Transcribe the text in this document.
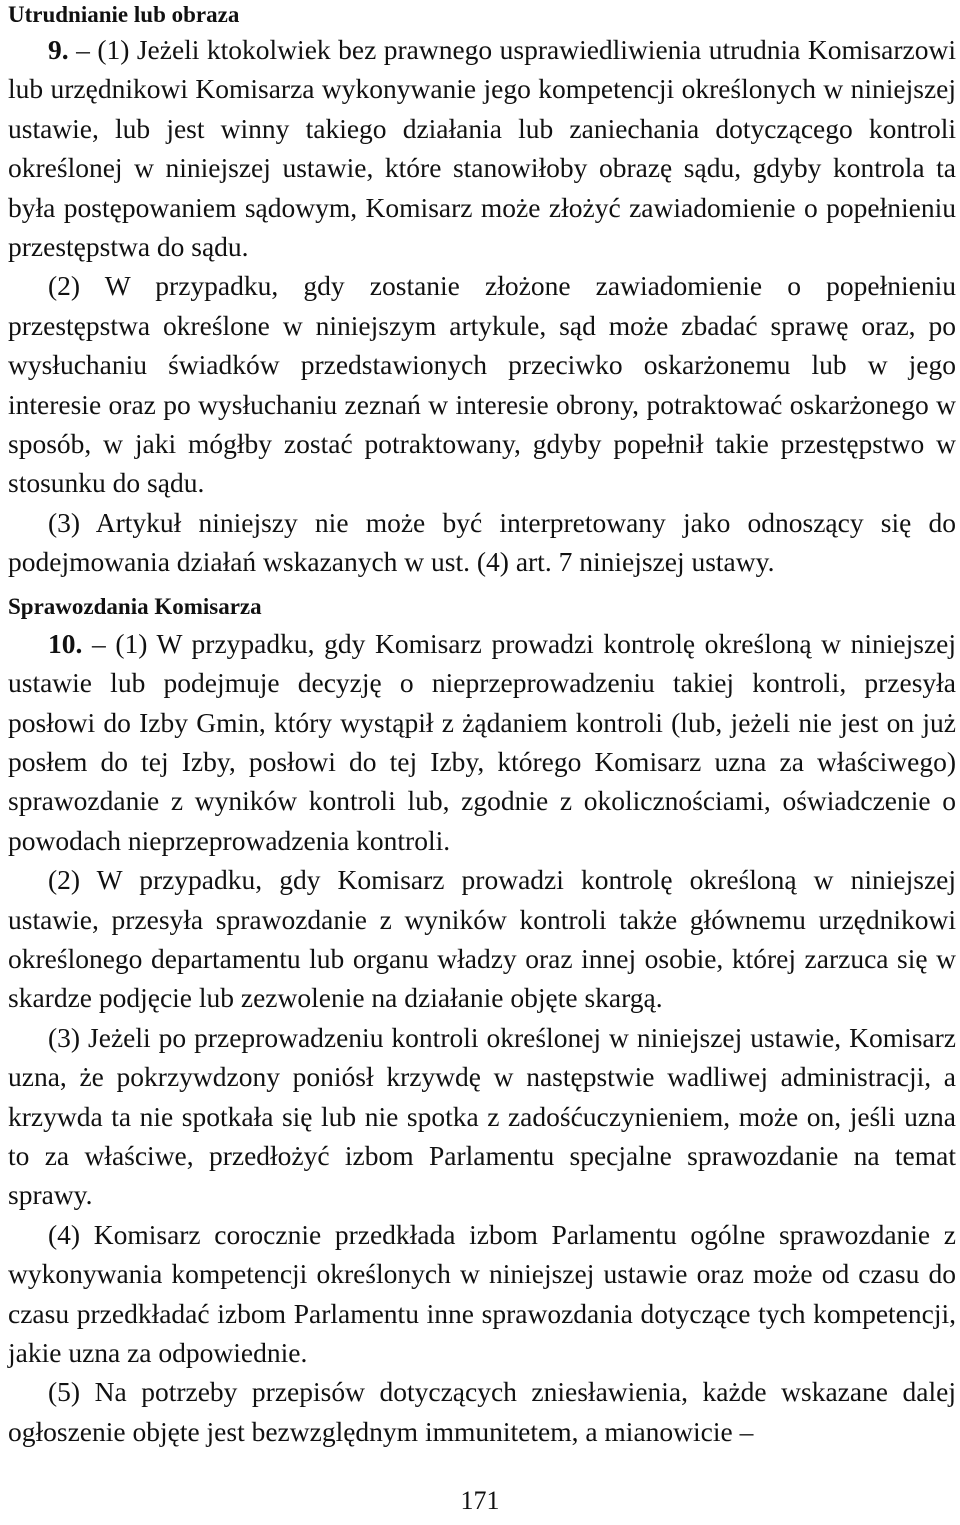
Utrudnianie lub obraza

9. – (1) Jeżeli ktokolwiek bez prawnego usprawiedliwienia utrudnia Komisarzowi lub urzędnikowi Komisarza wykonywanie jego kompetencji określonych w niniejszej ustawie, lub jest winny takiego działania lub zaniechania dotyczącego kontroli określonej w niniejszej ustawie, które stanowiłoby obrazę sądu, gdyby kontrola ta była postępowaniem sądowym, Komisarz może złożyć zawiadomienie o popełnieniu przestępstwa do sądu.

(2) W przypadku, gdy zostanie złożone zawiadomienie o popełnieniu przestępstwa określone w niniejszym artykule, sąd może zbadać sprawę oraz, po wysłuchaniu świadków przedstawionych przeciwko oskarżonemu lub w jego interesie oraz po wysłuchaniu zeznań w interesie obrony, potraktować oskarżonego w sposób, w jaki mógłby zostać potraktowany, gdyby popełnił takie przestępstwo w stosunku do sądu.

(3) Artykuł niniejszy nie może być interpretowany jako odnoszący się do podejmowania działań wskazanych w ust. (4) art. 7 niniejszej ustawy.

Sprawozdania Komisarza

10. – (1) W przypadku, gdy Komisarz prowadzi kontrolę określoną w niniejszej ustawie lub podejmuje decyzję o nieprzeprowadzeniu takiej kontroli, przesyła posłowi do Izby Gmin, który wystąpił z żądaniem kontroli (lub, jeżeli nie jest on już posłem do tej Izby, posłowi do tej Izby, którego Komisarz uzna za właściwego) sprawozdanie z wyników kontroli lub, zgodnie z okolicznościami, oświadczenie o powodach nieprzeprowadzenia kontroli.

(2) W przypadku, gdy Komisarz prowadzi kontrolę określoną w niniejszej ustawie, przesyła sprawozdanie z wyników kontroli także głównemu urzędnikowi określonego departamentu lub organu władzy oraz innej osobie, której zarzuca się w skardze podjęcie lub zezwolenie na działanie objęte skargą.

(3) Jeżeli po przeprowadzeniu kontroli określonej w niniejszej ustawie, Komisarz uzna, że pokrzywdzony poniósł krzywdę w następstwie wadliwej administracji, a krzywda ta nie spotkała się lub nie spotka z zadośćuczynieniem, może on, jeśli uzna to za właściwe, przedłożyć izbom Parlamentu specjalne sprawozdanie na temat sprawy.

(4) Komisarz corocznie przedkłada izbom Parlamentu ogólne sprawozdanie z wykonywania kompetencji określonych w niniejszej ustawie oraz może od czasu do czasu przedkładać izbom Parlamentu inne sprawozdania dotyczące tych kompetencji, jakie uzna za odpowiednie.

(5) Na potrzeby przepisów dotyczących zniesławienia, każde wskazane dalej ogłoszenie objęte jest bezwzględnym immunitetem, a mianowicie –

171
